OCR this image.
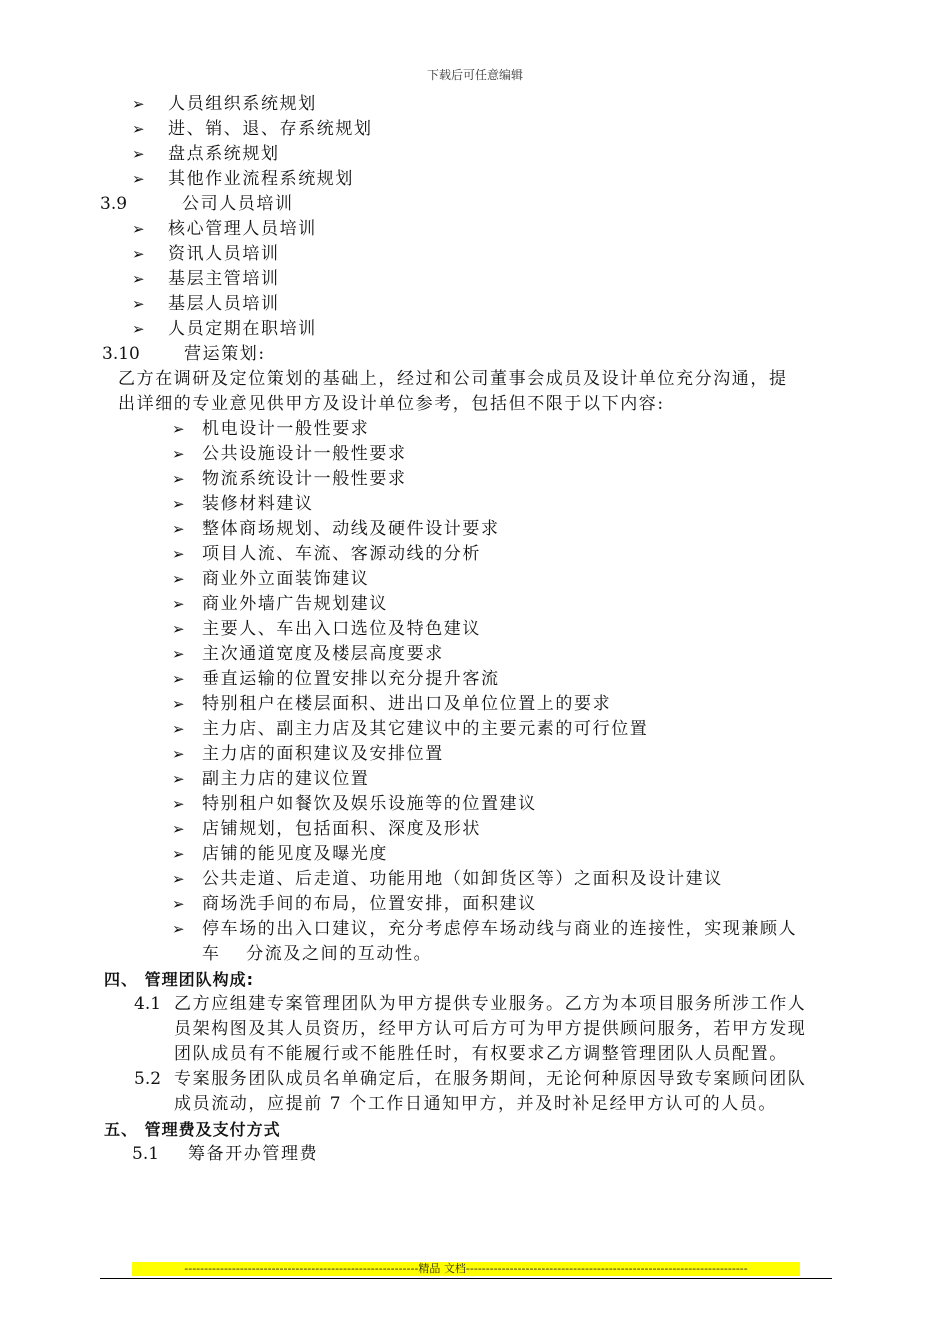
下载后可任意编辑
➢ 人员组织系统规划
➢ 进、销、退、存系统规划
➢ 盘点系统规划
➢ 其他作业流程系统规划
3.9	公司人员培训
➢ 核心管理人员培训
➢ 资讯人员培训
➢ 基层主管培训
➢ 基层人员培训
➢ 人员定期在职培训
3.10	营运策划:
乙方在调研及定位策划的基础上，经过和公司董事会成员及设计单位充分沟通，提
出详细的专业意见供甲方及设计单位参考，包括但不限于以下内容:
➢ 机电设计一般性要求
➢ 公共设施设计一般性要求
➢ 物流系统设计一般性要求
➢ 装修材料建议
➢ 整体商场规划、动线及硬件设计要求
➢ 项目人流、车流、客源动线的分析
➢ 商业外立面装饰建议
➢ 商业外墙广告规划建议
➢ 主要人、车出入口选位及特色建议
➢ 主次通道宽度及楼层高度要求
➢ 垂直运输的位置安排以充分提升客流
➢ 特别租户在楼层面积、进出口及单位位置上的要求
➢ 主力店、副主力店及其它建议中的主要元素的可行位置
➢ 主力店的面积建议及安排位置
➢ 副主力店的建议位置
➢ 特别租户如餐饮及娱乐设施等的位置建议
➢ 店铺规划，包括面积、深度及形状
➢ 店铺的能见度及曝光度
➢ 公共走道、后走道、功能用地（如卸货区等）之面积及设计建议
➢ 商场洗手间的布局，位置安排，面积建议
➢ 停车场的出入口建议，充分考虑停车场动线与商业的连接性，实现兼顾人
车　 分流及之间的互动性。
四、 管理团队构成:
4.1 乙方应组建专案管理团队为甲方提供专业服务。乙方为本项目服务所涉工作人
员架构图及其人员资历，经甲方认可后方可为甲方提供顾问服务，若甲方发现
团队成员有不能履行或不能胜任时，有权要求乙方调整管理团队人员配置。
5.2 专案服务团队成员名单确定后，在服务期间，无论何种原因导致专案顾问团队
成员流动，应提前 7 个工作日通知甲方，并及时补足经甲方认可的人员。
五、 管理费及支付方式
5.1 筹备开办管理费
-----------------------------------------------------------精品 文档-----------------------------------------------------------------------
